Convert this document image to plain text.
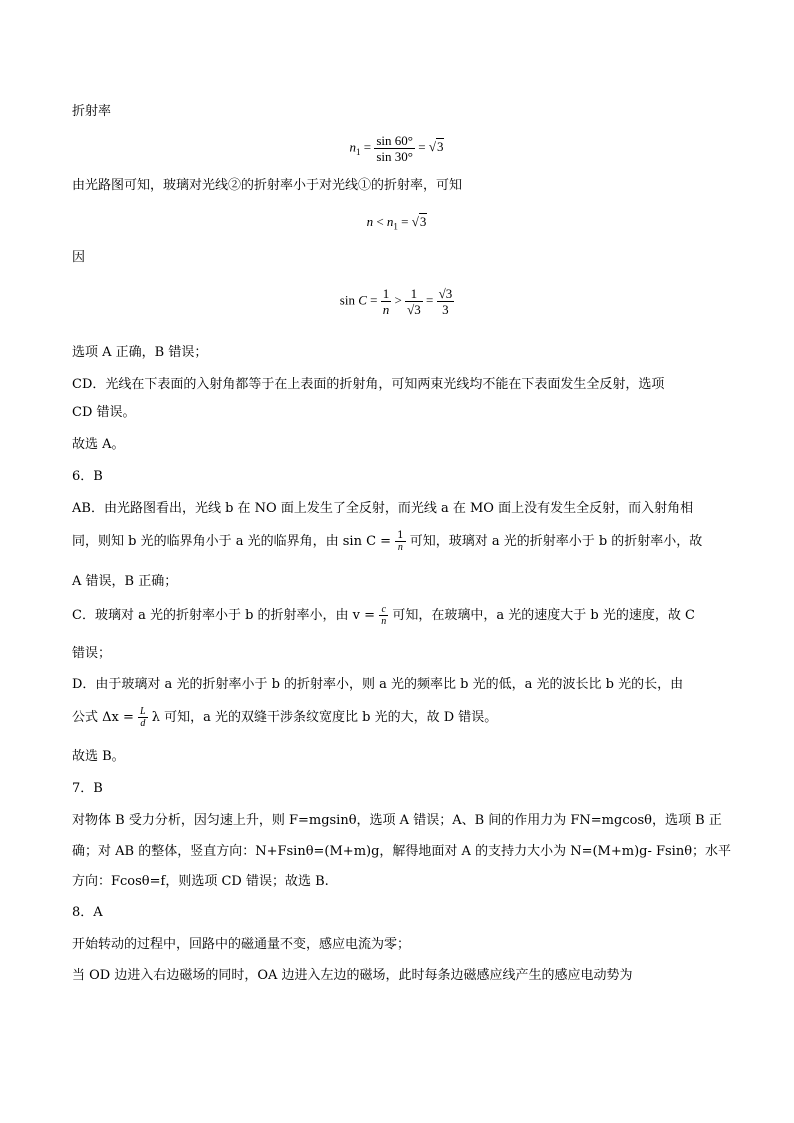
折射率
$n_1 = \frac{\sin 60^\circ}{\sin 30^\circ} = √3$
由光路图可知，玻璃对光线②的折射率小于对光线①的折射率，可知
$n < n_1 = √3$
因
$\sin C = \frac{1}{n} > \frac{1}{√3} = \frac{√3}{3}$
选项 A 正确，B 错误；
CD．光线在下表面的入射角都等于在上表面的折射角，可知两束光线均不能在下表面发生全反射，选项
CD 错误。
故选 A。
6．B
AB．由光路图看出，光线 b 在 NO 面上发生了全反射，而光线 a 在 MO 面上没有发生全反射，而入射角相
同，则知 b 光的临界角小于 a 光的临界角，由 $\sin C = \frac{1}{n}$ 可知，玻璃对 a 光的折射率小于 b 的折射率小，故
A 错误，B 正确；
C．玻璃对 a 光的折射率小于 b 的折射率小，由 $v = \frac{c}{n}$ 可知，在玻璃中，a 光的速度大于 b 光的速度，故 C
错误；
D．由于玻璃对 a 光的折射率小于 b 的折射率小，则 a 光的频率比 b 光的低，a 光的波长比 b 光的长，由
公式 $\Delta x = \frac{L}{d}$ λ 可知，a 光的双缝干涉条纹宽度比 b 光的大，故 D 错误。
故选 B。
7．B
对物体 B 受力分析，因匀速上升，则 F=mgsinθ，选项 A 错误；A、B 间的作用力为 FN=mgcosθ，选项 B 正
确；对 AB 的整体，竖直方向：N+Fsinθ=(M+m)g，解得地面对 A 的支持力大小为 N=(M+m)g- Fsinθ；水平
方向：Fcosθ=f，则选项 CD 错误；故选 B.
8．A
开始转动的过程中，回路中的磁通量不变，感应电流为零；
当 OD 边进入右边磁场的同时，OA 边进入左边的磁场，此时每条边磁感应线产生的感应电动势为
